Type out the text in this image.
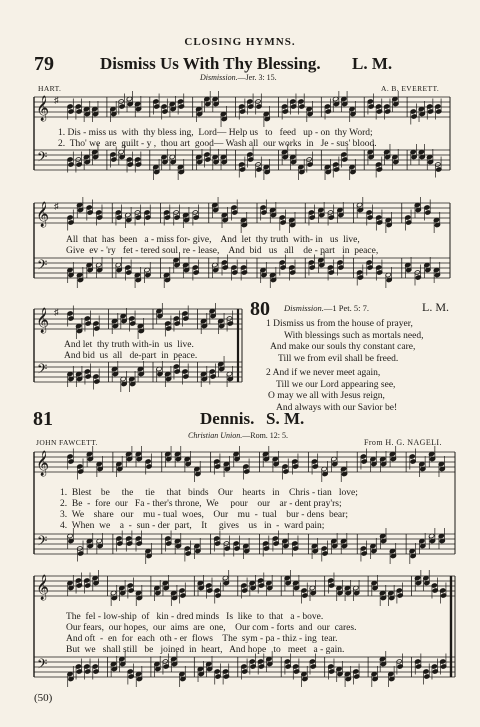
CLOSING HYMNS.
79	Dismiss Us With Thy Blessing. L. M.
Dismission.—Jer. 3: 15.
HART.	A. B. EVERETT.
1. Dis - miss us  with  thy bless ing,  Lord— Help us   to   feed   up - on  thy Word;
2.  Tho' we  are  guilt - y ,  thou art  good— Wash all  our works  in   Je - sus' blood.
All  that  has  been   a - miss for- give,    And  let  thy truth  with- in   us  live,
Give  ev - 'ry   fet - tered soul  re - lease,    And  bid   us   all    de - part   in  peace,
And let  thy truth with-in  us  live.
And bid  us  all   de-part  in  peace.
80 Dismission.—1 Pet. 5: 7.	L. M.
1 Dismiss us from the house of prayer,
With blessings such as mortals need,
And make our souls thy constant care,
Till we from evil shall be freed.
2 And if we never meet again,
Till we our Lord appearing see,
O may we all with Jesus reign,
And always with our Savior be!
81	Dennis. S. M.
Christian Union.—Rom. 12: 5.
JOHN FAWCETT.	From H. G. NAGELI.
1.  Blest    be     the     tie     that   binds    Our    hearts   in    Chris - tian   love;
2.  Be  -  fore  our   Fa - ther's throne,  We     pour    our    ar - dent pray'rs;
3.  We    share   our    mu - tual  woes,    Our    mu  -  tual    bur - dens  bear;
4.  When  we    a  -  sun - der  part,    It     gives    us   in  -  ward pain;
The  fel - low-ship  of   kin - dred minds   Is  like  to  that   a - bove.
Our fears,  our hopes,  our  aims  are  one,    Our com - forts  and  our  cares.
And oft  -  en  for  each  oth - er  flows    The  sym - pa - thiz - ing  tear.
But  we   shall still   be   joined  in  heart,   And hope   to   meet   a - gain.
(50)
𝄞
𝄢
♯
𝄞
𝄢
♯
𝄞
𝄢
♯
𝄞
𝄢
𝄞
𝄢
